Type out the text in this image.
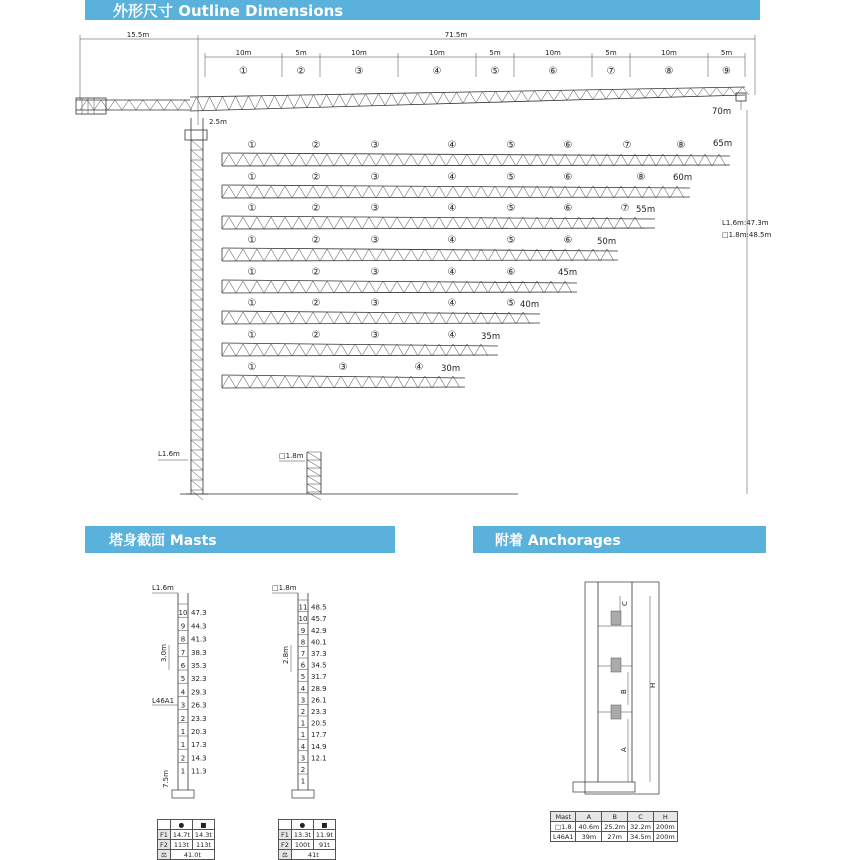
外形尺寸 Outline Dimensions
塔身截面 Masts	附着 Anchorages
15.5m	71.5m
10m
①
5m
②
10m
③
10m
④
5m
⑤
10m
⑥
5m
⑦
10m
⑧
5m
⑨
70m
2.5m
L1.6m
L1.6m:47.3m
□1.8m:48.5m
□1.8m
①	②	③	④	⑤	⑥	⑦	⑧	65m
①	②	③	④	⑤	⑥	⑧	60m
①	②	③	④	⑤	⑥	⑦ 55m
①	②	③	④	⑤	⑥	50m
①	②	③	④	⑥	45m
①	②	③	④	⑤ 40m
①	②	③	④	35m
①	③	④ 30m
L1.6m
10 47.3
9 44.3
8 41.3
7 38.3
6 35.3
5 32.3
4 29.3
3 26.3
2 23.3
1 20.3
1 17.3
2 14.3
1 11.3
3.0m
L46A1
7.5m
□1.8m
11 48.5
10 45.7
9 42.9
8 40.1
7 37.3
6 34.5
5 31.7
4 28.9
3 26.1
2 23.3
1 20.5
1 17.7
4 14.9
3 12.1
2
1
2.8m
C
B
A
H
	●	■
F1	14.7t	14.3t
F2	113t	113t
⚖	41.0t	
	●	■
F1	13.3t	11.9t
F2	100t	91t
⚖	41t	
Mast	A	B	C	H
□1.8	40.6m	25.2m	32.2m	200m
L46A1	39m	27m	34.5m	200m
